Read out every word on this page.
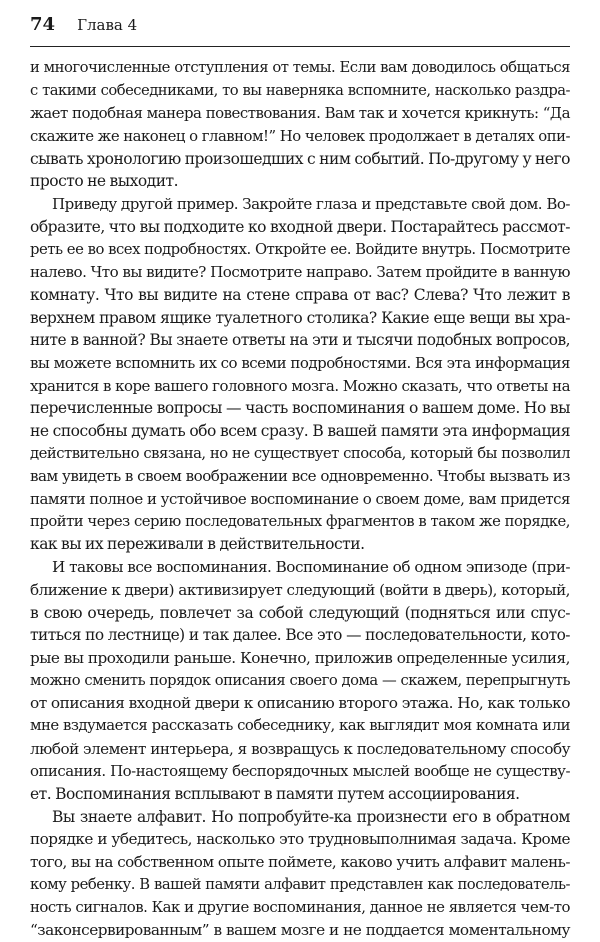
74 Глава 4
и многочисленные отступления от темы. Если вам доводилось общаться
с такими собеседниками, то вы наверняка вспомните, насколько раздра-
жает подобная манера повествования. Вам так и хочется крикнуть: “Да
скажите же наконец о главном!” Но человек продолжает в деталях опи-
сывать хронологию произошедших с ним событий. По-другому у него
просто не выходит.
Приведу другой пример. Закройте глаза и представьте свой дом. Во-
образите, что вы подходите ко входной двери. Постарайтесь рассмот-
реть ее во всех подробностях. Откройте ее. Войдите внутрь. Посмотрите
налево. Что вы видите? Посмотрите направо. Затем пройдите в ванную
комнату. Что вы видите на стене справа от вас? Слева? Что лежит в
верхнем правом ящике туалетного столика? Какие еще вещи вы хра-
ните в ванной? Вы знаете ответы на эти и тысячи подобных вопросов,
вы можете вспомнить их со всеми подробностями. Вся эта информация
хранится в коре вашего головного мозга. Можно сказать, что ответы на
перечисленные вопросы — часть воспоминания о вашем доме. Но вы
не способны думать обо всем сразу. В вашей памяти эта информация
действительно связана, но не существует способа, который бы позволил
вам увидеть в своем воображении все одновременно. Чтобы вызвать из
памяти полное и устойчивое воспоминание о своем доме, вам придется
пройти через серию последовательных фрагментов в таком же порядке,
как вы их переживали в действительности.
И таковы все воспоминания. Воспоминание об одном эпизоде (при-
ближение к двери) активизирует следующий (войти в дверь), который,
в свою очередь, повлечет за собой следующий (подняться или спус-
титься по лестнице) и так далее. Все это — последовательности, кото-
рые вы проходили раньше. Конечно, приложив определенные усилия,
можно сменить порядок описания своего дома — скажем, перепрыгнуть
от описания входной двери к описанию второго этажа. Но, как только
мне вздумается рассказать собеседнику, как выглядит моя комната или
любой элемент интерьера, я возвращусь к последовательному способу
описания. По-настоящему беспорядочных мыслей вообще не существу-
ет. Воспоминания всплывают в памяти путем ассоциирования.
Вы знаете алфавит. Но попробуйте-ка произнести его в обратном
порядке и убедитесь, насколько это трудновыполнимая задача. Кроме
того, вы на собственном опыте поймете, каково учить алфавит малень-
кому ребенку. В вашей памяти алфавит представлен как последователь-
ность сигналов. Как и другие воспоминания, данное не является чем-то
“законсервированным” в вашем мозге и не поддается моментальному
